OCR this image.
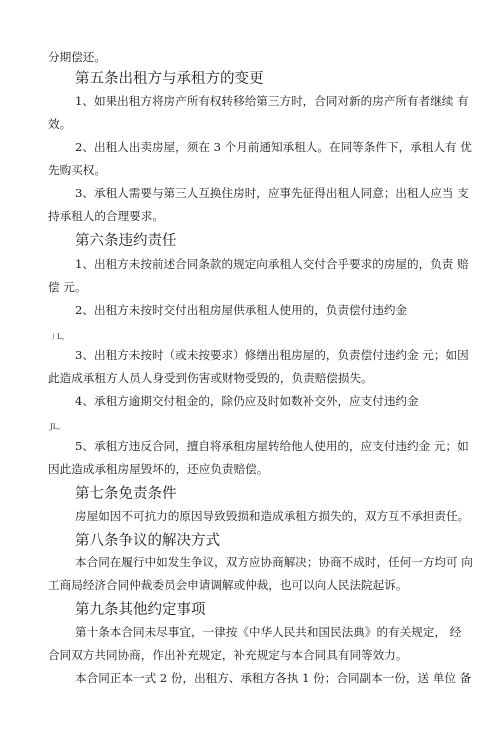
分期偿还。
第五条出租方与承租方的变更
1、如果出租方将房产所有权转移给第三方时，合同对新的房产所有者继续 有
效。
2、出租人出卖房屋，须在 3 个月前通知承租人。在同等条件下，承租人有 优
先购买权。
3、承租人需要与第三人互换住房时，应事先征得出租人同意；出租人应当 支
持承租人的合理要求。
第六条违约责任
1、出租方未按前述合同条款的规定向承租人交付合乎要求的房屋的，负责 赔
偿 元。
2、出租方未按时交付出租房屋供承租人使用的，负责偿付违约金
丿L。
3、出租方未按时（或未按要求）修缮出租房屋的，负责偿付违约金 元；如因
此造成承租方人员人身受到伤害或财物受毁的，负责赔偿损失。
4、承租方逾期交付租金的，除仍应及时如数补交外，应支付违约金
JL。
5、承租方违反合同，擅自将承租房屋转给他人使用的，应支付违约金 元；如
因此造成承租房屋毁坏的，还应负责赔偿。
第七条免责条件
房屋如因不可抗力的原因导致毁损和造成承租方损失的，双方互不承担责任。
第八条争议的解决方式
本合同在履行中如发生争议，双方应协商解决；协商不成时，任何一方均可 向
工商局经济合同仲裁委员会申请调解或仲裁，也可以向人民法院起诉。
第九条其他约定事项
第十条本合同未尽事宜，一律按《中华人民共和国民法典》的有关规定， 经
合同双方共同协商，作出补充规定，补充规定与本合同具有同等效力。
本合同正本一式 2 份，出租方、承租方各执 1 份；合同副本一份，送 单位 备
